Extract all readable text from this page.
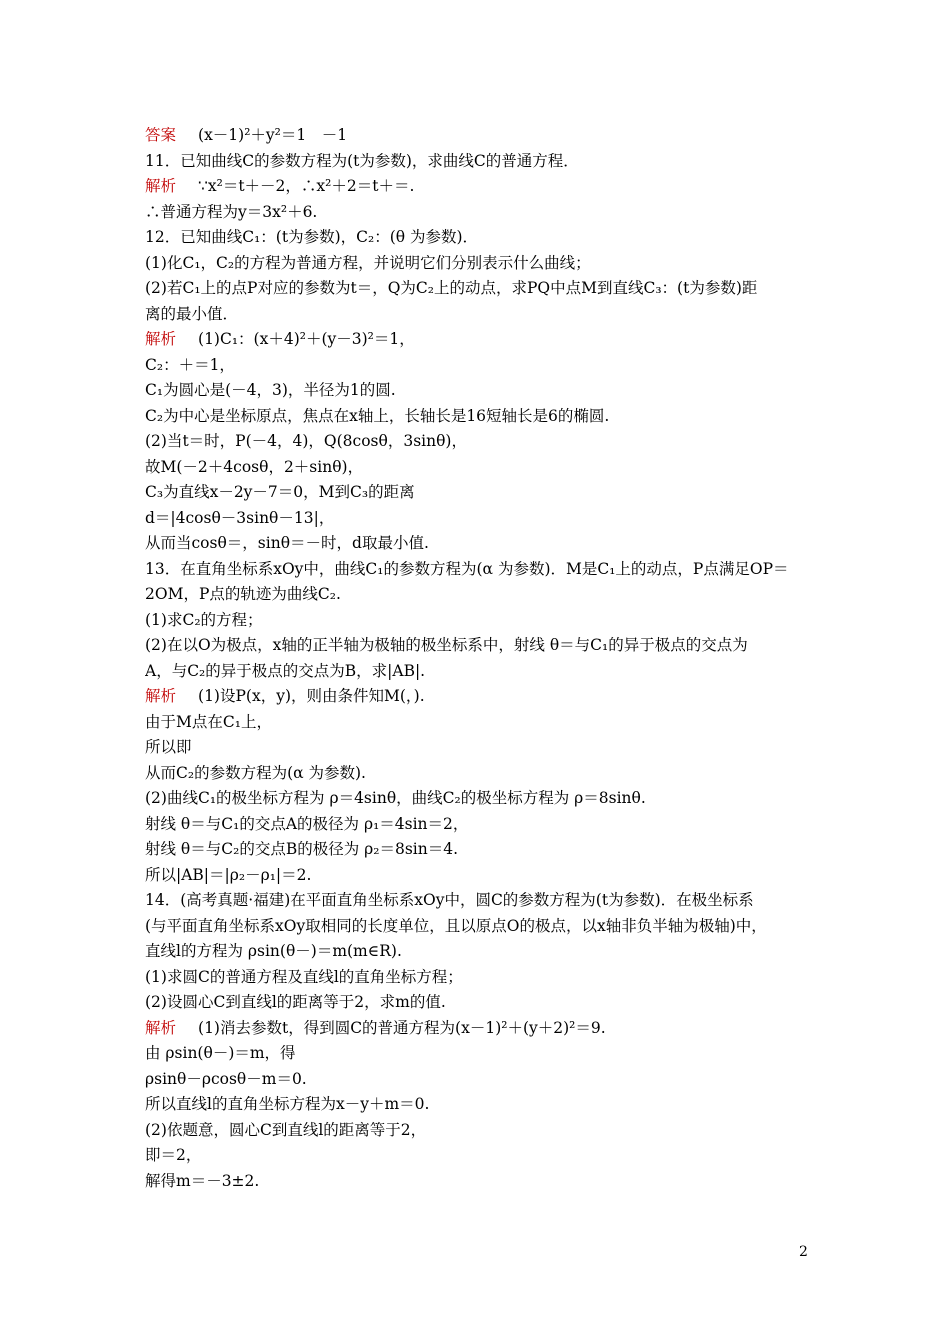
答案 (x－1)²＋y²＝1　－1
11．已知曲线C的参数方程为(t为参数)，求曲线C的普通方程．
解析 ∵x²＝t＋－2，∴x²＋2＝t＋＝.
∴普通方程为y＝3x²＋6.
12．已知曲线C₁：(t为参数)，C₂：(θ 为参数)．
(1)化C₁，C₂的方程为普通方程，并说明它们分别表示什么曲线；
(2)若C₁上的点P对应的参数为t＝，Q为C₂上的动点，求PQ中点M到直线C₃：(t为参数)距
离的最小值．
解析 (1)C₁：(x＋4)²＋(y－3)²＝1，
C₂：＋＝1，
C₁为圆心是(－4，3)，半径为1的圆.
C₂为中心是坐标原点，焦点在x轴上，长轴长是16短轴长是6的椭圆.
(2)当t＝时，P(－4，4)，Q(8cosθ，3sinθ)，
故M(－2＋4cosθ，2＋sinθ)，
C₃为直线x－2y－7＝0，M到C₃的距离
d＝|4cosθ－3sinθ－13|，
从而当cosθ＝，sinθ＝－时，d取最小值.
13．在直角坐标系xOy中，曲线C₁的参数方程为(α 为参数)．M是C₁上的动点，P点满足OP＝
2OM，P点的轨迹为曲线C₂.
(1)求C₂的方程；
(2)在以O为极点，x轴的正半轴为极轴的极坐标系中，射线 θ＝与C₁的异于极点的交点为
A，与C₂的异于极点的交点为B，求|AB|.
解析 (1)设P(x，y)，则由条件知M(，).
由于M点在C₁上，
所以即
从而C₂的参数方程为(α 为参数).
(2)曲线C₁的极坐标方程为 ρ＝4sinθ，曲线C₂的极坐标方程为 ρ＝8sinθ.
射线 θ＝与C₁的交点A的极径为 ρ₁＝4sin＝2，
射线 θ＝与C₂的交点B的极径为 ρ₂＝8sin＝4.
所以|AB|＝|ρ₂－ρ₁|＝2.
14．(高考真题·福建)在平面直角坐标系xOy中，圆C的参数方程为(t为参数)．在极坐标系
(与平面直角坐标系xOy取相同的长度单位，且以原点O的极点，以x轴非负半轴为极轴)中，
直线l的方程为 ρsin(θ－)＝m(m∈R).
(1)求圆C的普通方程及直线l的直角坐标方程；
(2)设圆心C到直线l的距离等于2，求m的值.
解析 (1)消去参数t，得到圆C的普通方程为(x－1)²＋(y＋2)²＝9.
由 ρsin(θ－)＝m，得
ρsinθ－ρcosθ－m＝0.
所以直线l的直角坐标方程为x－y＋m＝0.
(2)依题意，圆心C到直线l的距离等于2，
即＝2，
解得m＝－3±2.
2
